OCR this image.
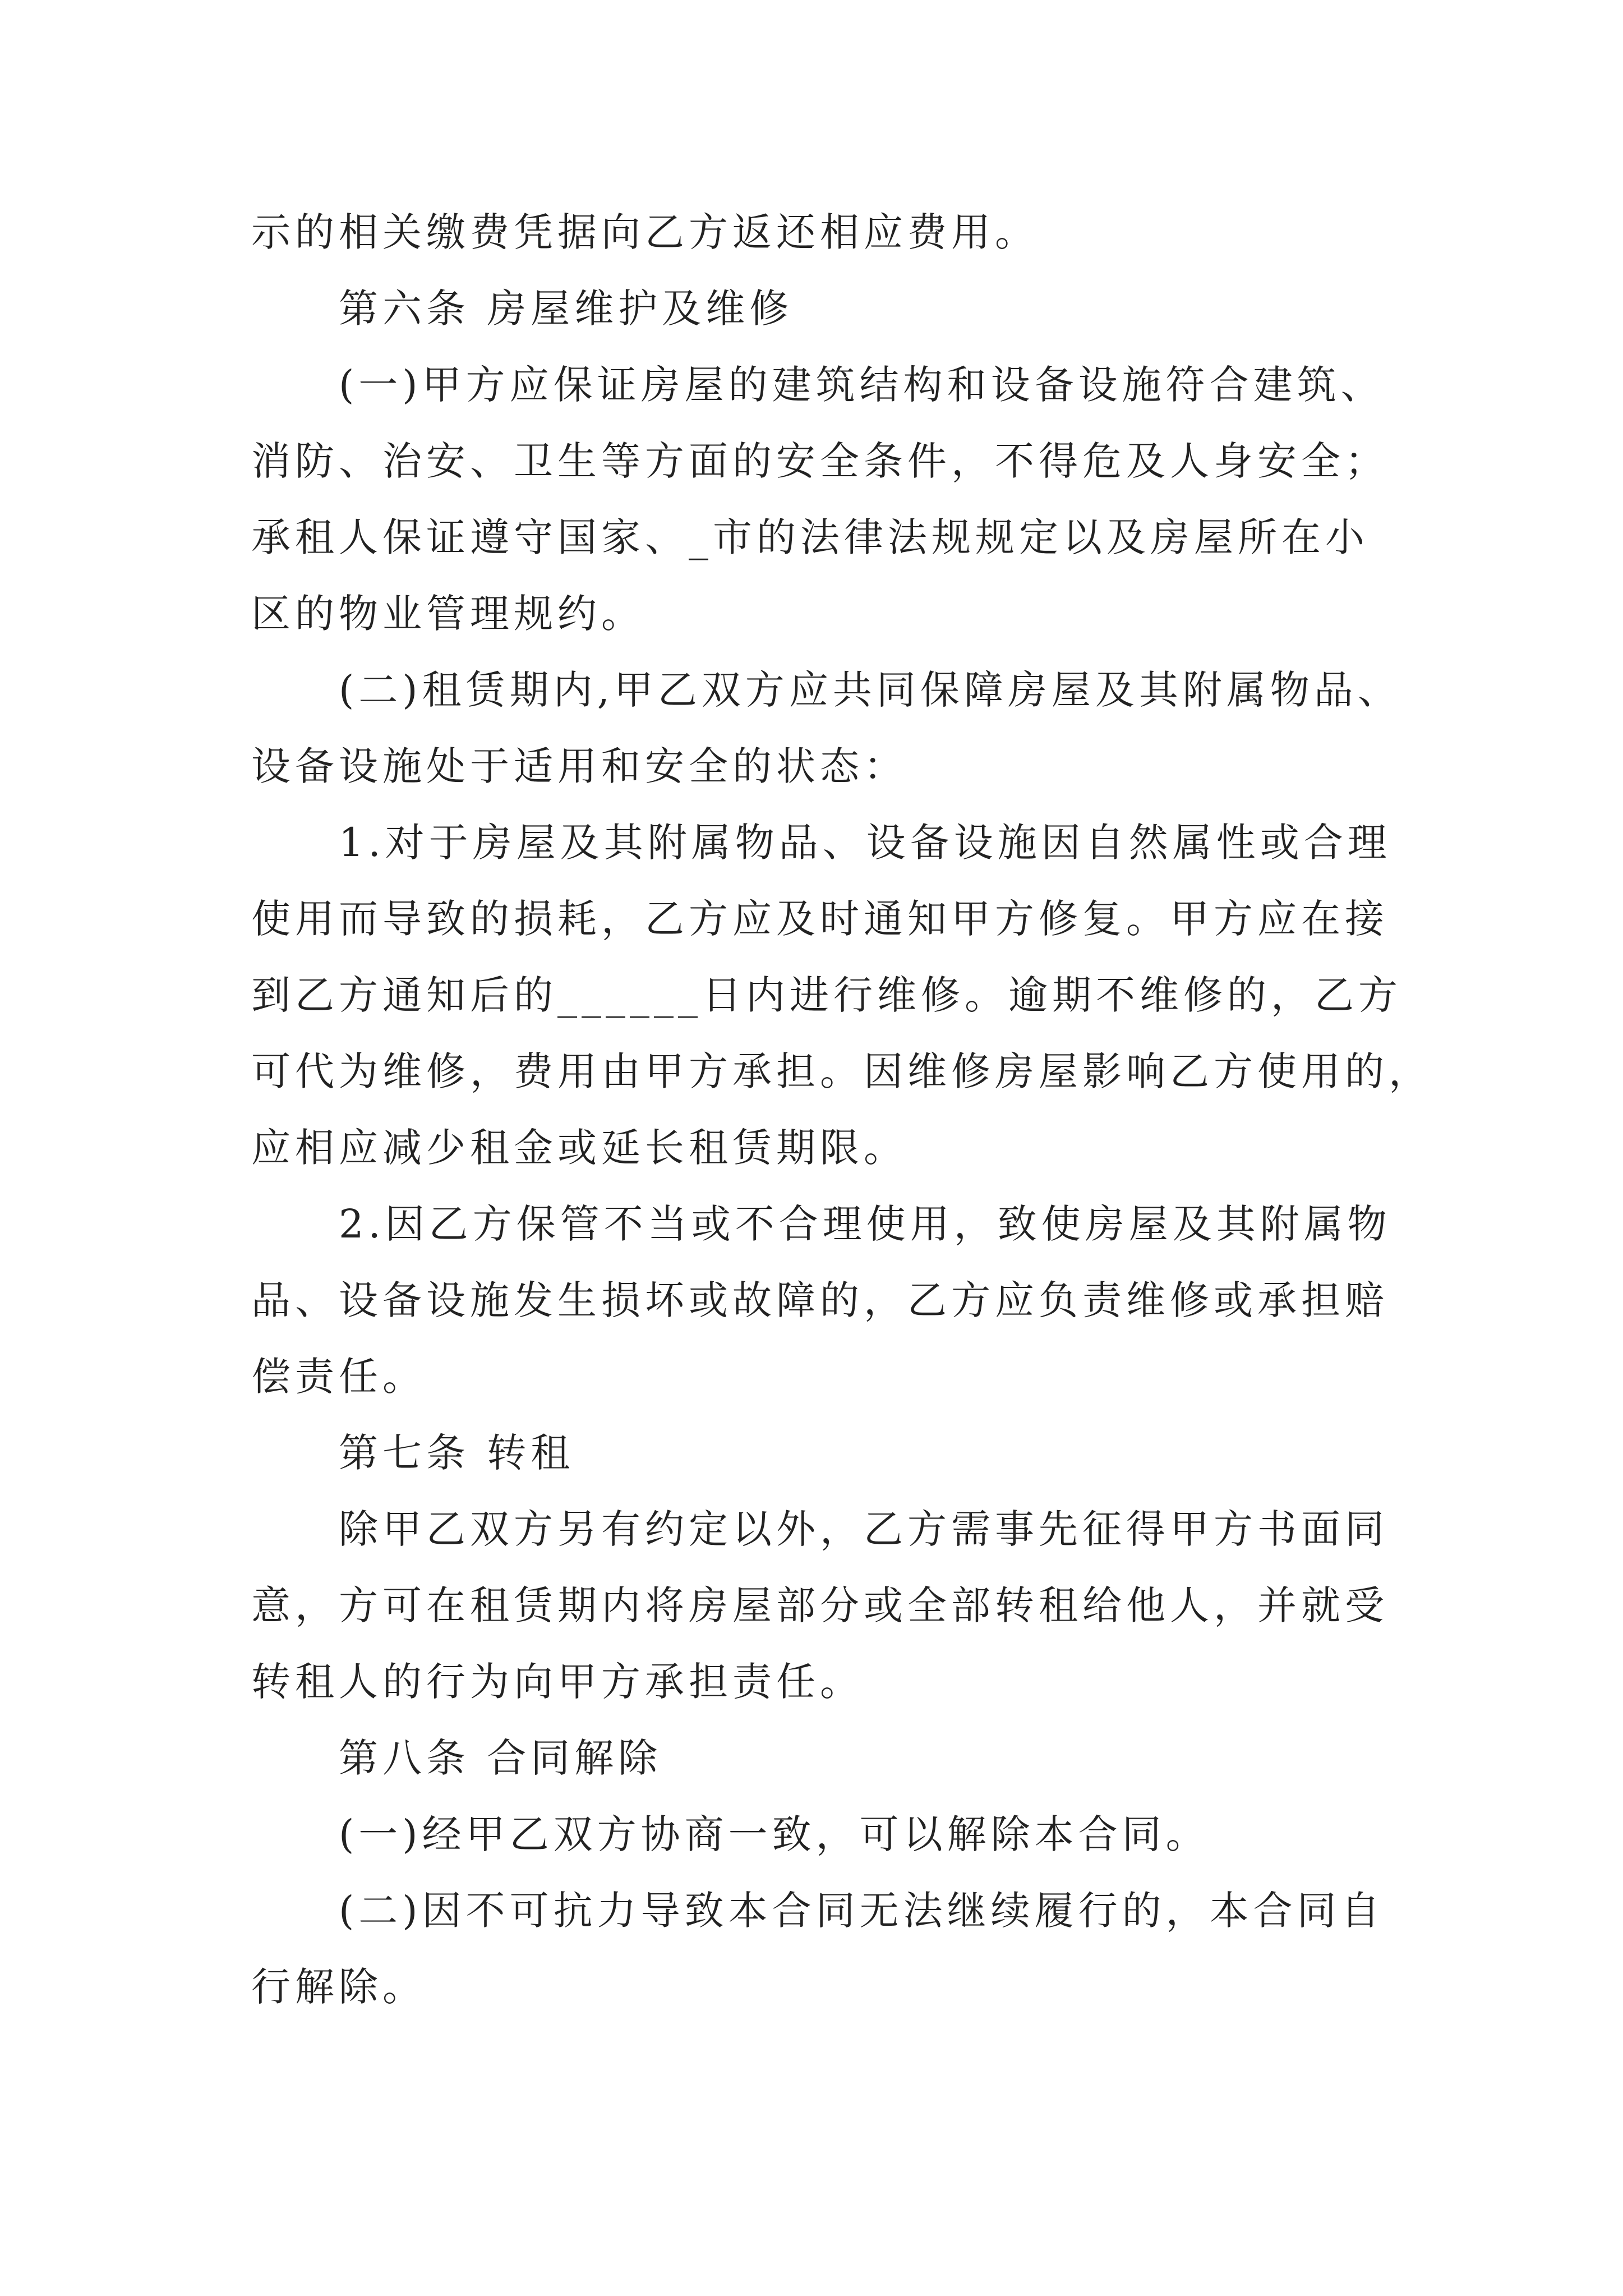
示的相关缴费凭据向乙方返还相应费用。
第六条 房屋维护及维修
(一)甲方应保证房屋的建筑结构和设备设施符合建筑、
消防、治安、卫生等方面的安全条件，不得危及人身安全；
承租人保证遵守国家、_市的法律法规规定以及房屋所在小
区的物业管理规约。
(二)租赁期内,甲乙双方应共同保障房屋及其附属物品、
设备设施处于适用和安全的状态：
1.对于房屋及其附属物品、设备设施因自然属性或合理
使用而导致的损耗，乙方应及时通知甲方修复。甲方应在接
到乙方通知后的______日内进行维修。逾期不维修的，乙方
可代为维修，费用由甲方承担。因维修房屋影响乙方使用的，
应相应减少租金或延长租赁期限。
2.因乙方保管不当或不合理使用，致使房屋及其附属物
品、设备设施发生损坏或故障的，乙方应负责维修或承担赔
偿责任。
第七条 转租
除甲乙双方另有约定以外，乙方需事先征得甲方书面同
意，方可在租赁期内将房屋部分或全部转租给他人，并就受
转租人的行为向甲方承担责任。
第八条 合同解除
(一)经甲乙双方协商一致，可以解除本合同。
(二)因不可抗力导致本合同无法继续履行的，本合同自
行解除。
